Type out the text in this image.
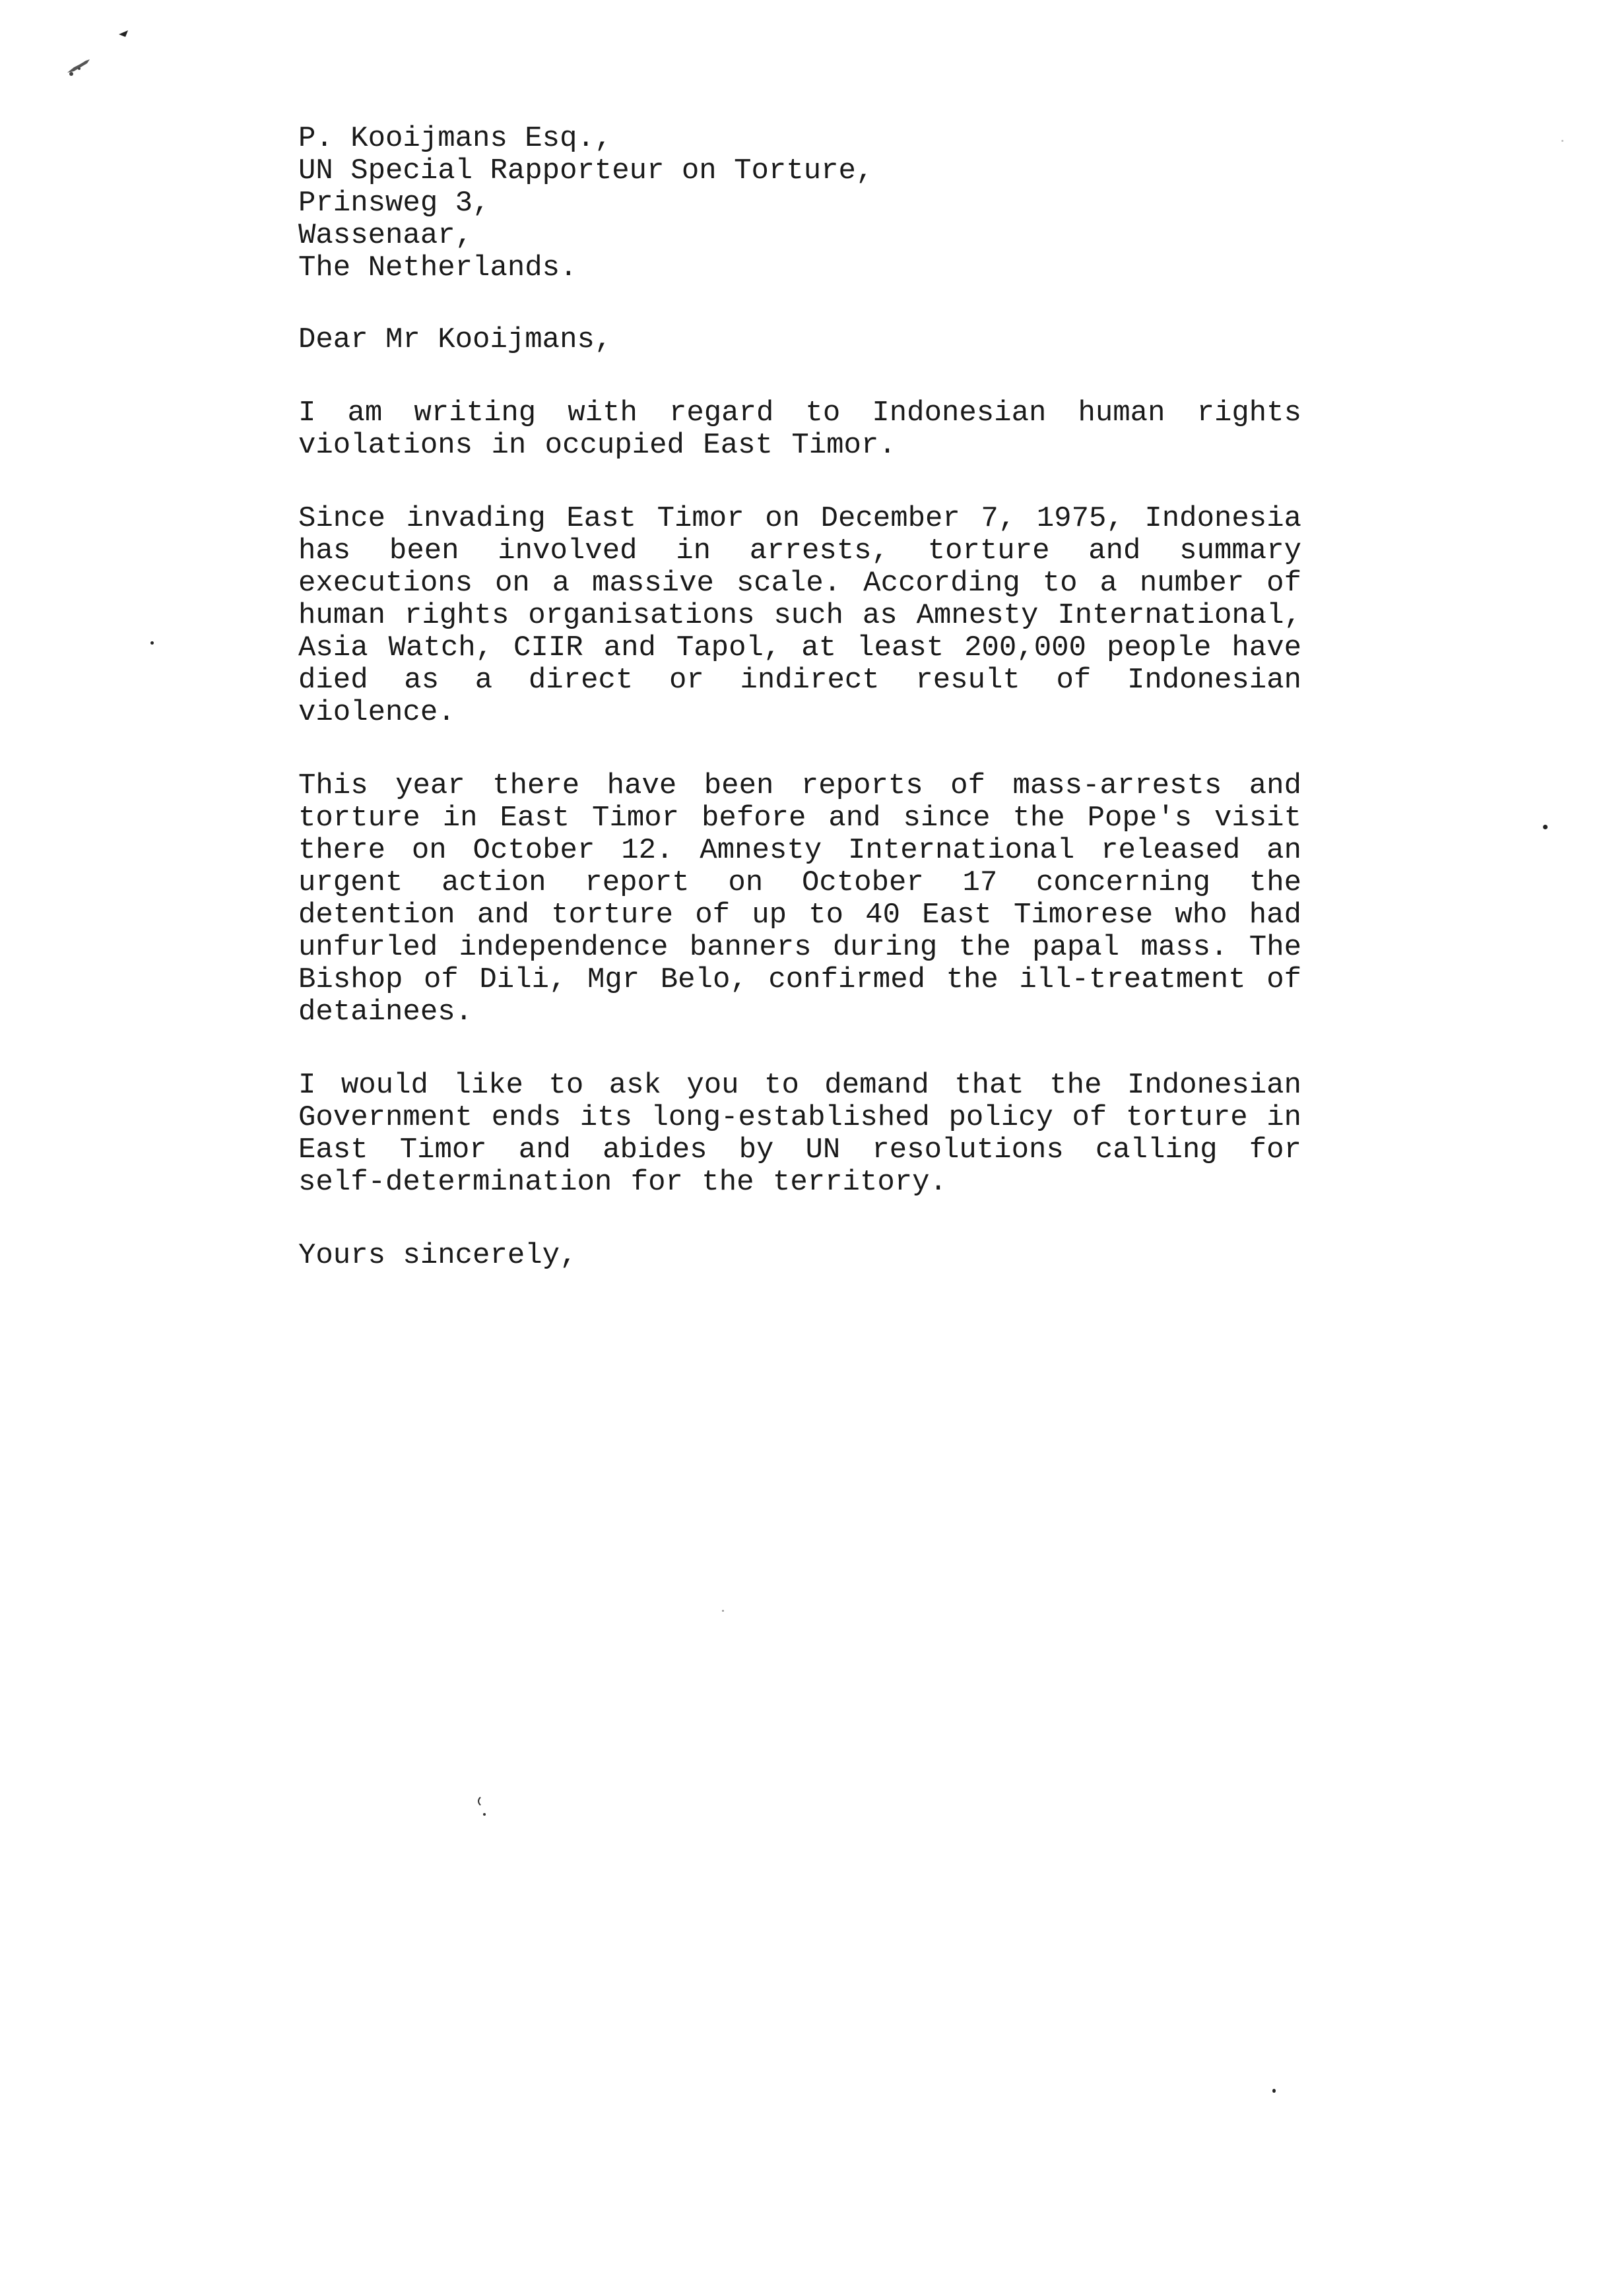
P. Kooijmans Esq.,
UN Special Rapporteur on Torture,
Prinsweg 3,
Wassenaar,
The Netherlands.
Dear Mr Kooijmans,
I am writing with regard to Indonesian human rights violations in occupied East Timor.
Since invading East Timor on December 7, 1975, Indonesia has been involved in arrests, torture and summary executions on a massive scale. According to a number of human rights organisations such as Amnesty International, Asia Watch, CIIR and Tapol, at least 200,000 people have died as a direct or indirect result of Indonesian violence.
This year there have been reports of mass-arrests and torture in East Timor before and since the Pope's visit there on October 12. Amnesty International released an urgent action report on October 17 concerning the detention and torture of up to 40 East Timorese who had unfurled independence banners during the papal mass. The Bishop of Dili, Mgr Belo, confirmed the ill-treatment of detainees.
I would like to ask you to demand that the Indonesian Government ends its long-established policy of torture in East Timor and abides by UN resolutions calling for self-determination for the territory.
Yours sincerely,
